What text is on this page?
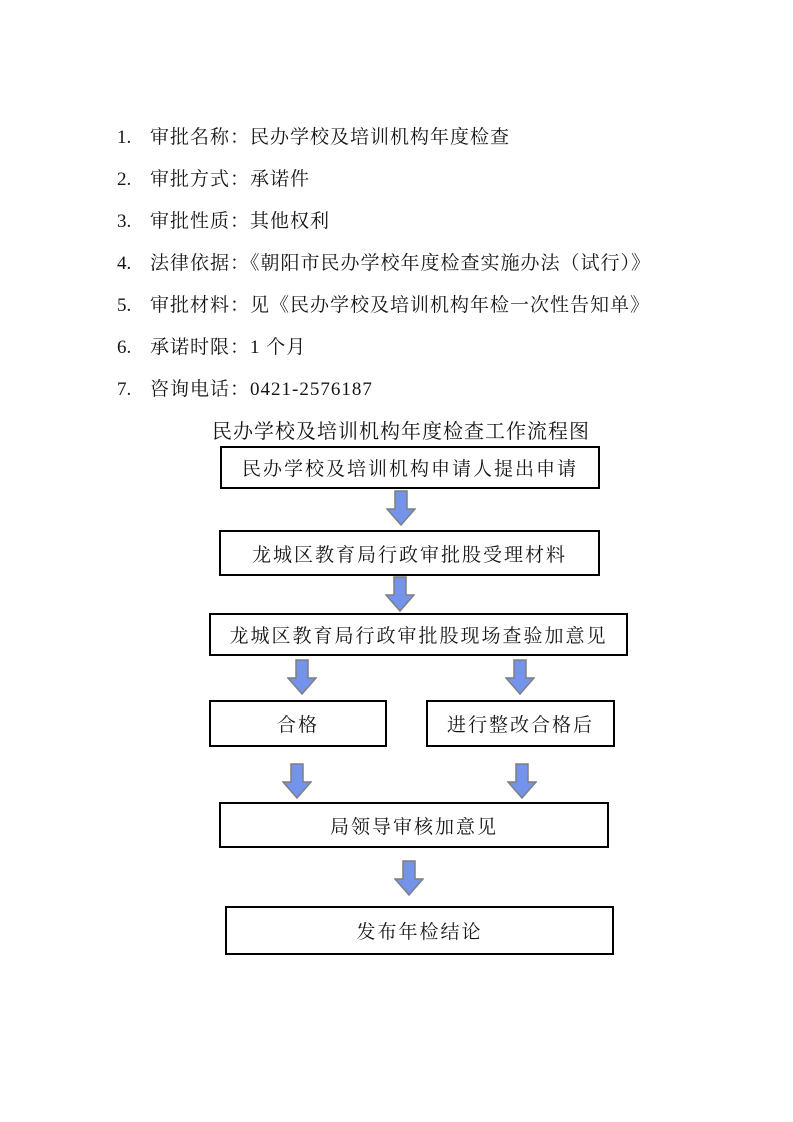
1. 审批名称：民办学校及培训机构年度检查
2. 审批方式：承诺件
3. 审批性质：其他权利
4. 法律依据：《朝阳市民办学校年度检查实施办法（试行）》
5. 审批材料：见《民办学校及培训机构年检一次性告知单》
6. 承诺时限：1 个月
7. 咨询电话：0421-2576187
民办学校及培训机构年度检查工作流程图
民办学校及培训机构申请人提出申请
龙城区教育局行政审批股受理材料
龙城区教育局行政审批股现场查验加意见
合格	进行整改合格后
局领导审核加意见
发布年检结论
